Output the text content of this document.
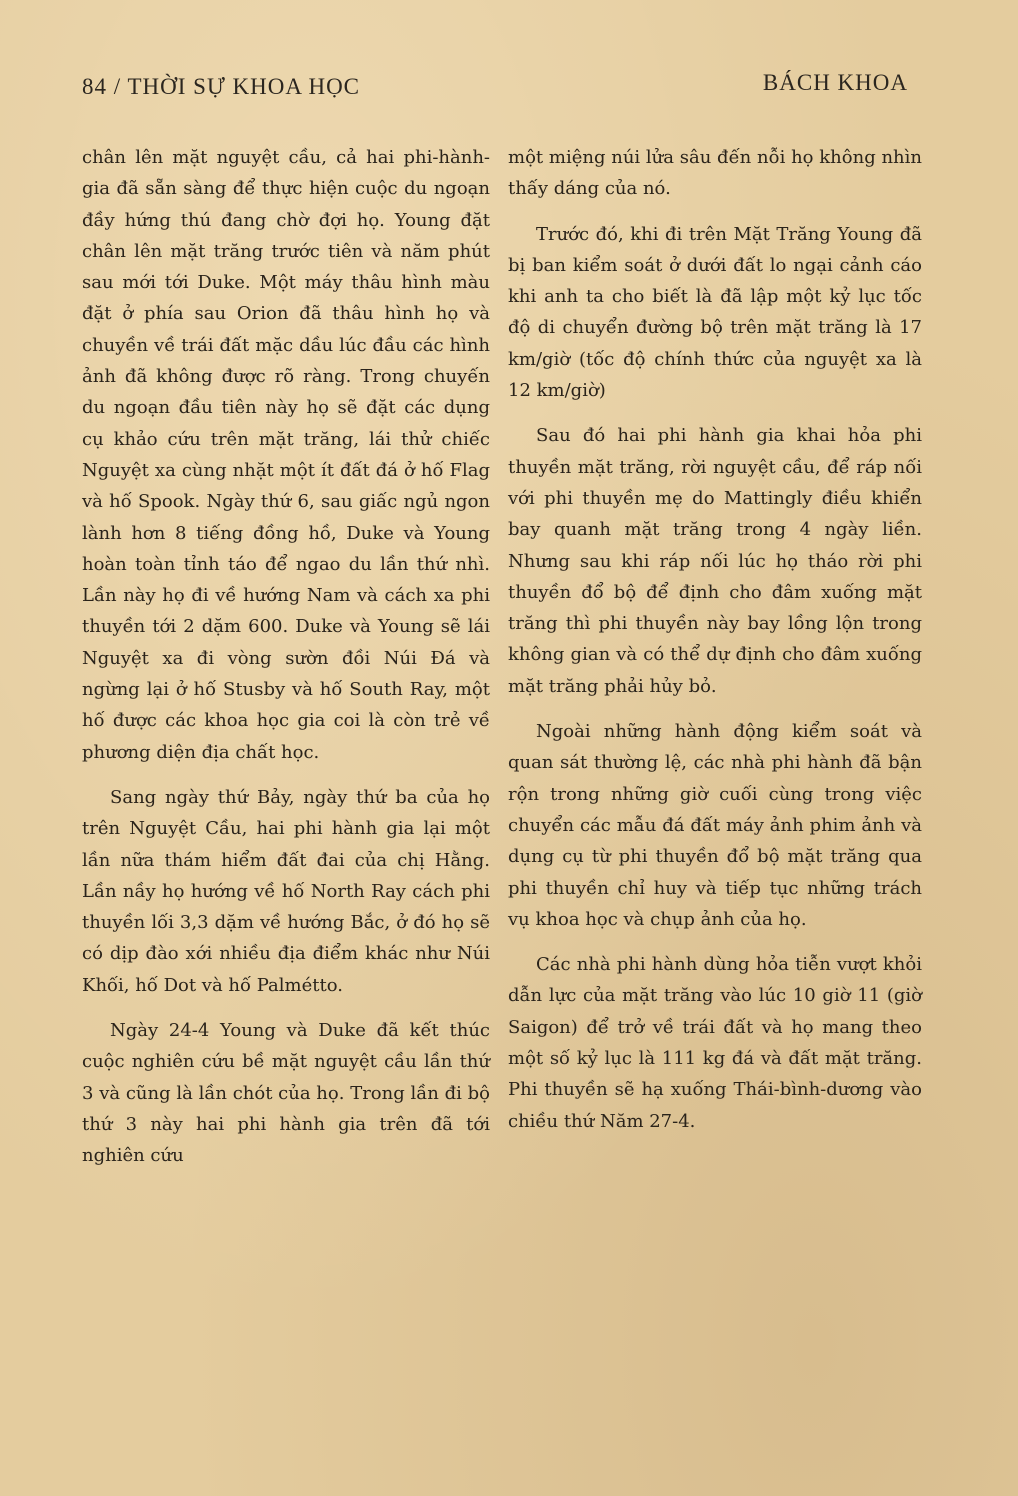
84 / THỜI SỰ KHOA HỌC	BÁCH KHOA

chân lên mặt nguyệt cầu, cả hai phi-hành-gia đã sẵn sàng để thực hiện cuộc du ngoạn đầy hứng thú đang chờ đợi họ. Young đặt chân lên mặt trăng trước tiên và năm phút sau mới tới Duke. Một máy thâu hình màu đặt ở phía sau Orion đã thâu hình họ và chuyền về trái đất mặc dầu lúc đầu các hình ảnh đã không được rõ ràng. Trong chuyến du ngoạn đầu tiên này họ sẽ đặt các dụng cụ khảo cứu trên mặt trăng, lái thử chiếc Nguyệt xa cùng nhặt một ít đất đá ở hố Flag và hố Spook. Ngày thứ 6, sau giấc ngủ ngon lành hơn 8 tiếng đồng hồ, Duke và Young hoàn toàn tỉnh táo để ngao du lần thứ nhì. Lần này họ đi về hướng Nam và cách xa phi thuyền tới 2 dặm 600. Duke và Young sẽ lái Nguyệt xa đi vòng sườn đồi Núi Đá và ngừng lại ở hố Stusby và hố South Ray, một hố được các khoa học gia coi là còn trẻ về phương diện địa chất học.

Sang ngày thứ Bảy, ngày thứ ba của họ trên Nguyệt Cầu, hai phi hành gia lại một lần nữa thám hiểm đất đai của chị Hằng. Lần nầy họ hướng về hố North Ray cách phi thuyền lối 3,3 dặm về hướng Bắc, ở đó họ sẽ có dịp đào xới nhiều địa điểm khác như Núi Khối, hố Dot và hố Palmétto.

Ngày 24-4 Young và Duke đã kết thúc cuộc nghiên cứu bề mặt nguyệt cầu lần thứ 3 và cũng là lần chót của họ. Trong lần đi bộ thứ 3 này hai phi hành gia trên đã tới nghiên cứu

một miệng núi lửa sâu đến nỗi họ không nhìn thấy dáng của nó.

Trước đó, khi đi trên Mặt Trăng Young đã bị ban kiểm soát ở dưới đất lo ngại cảnh cáo khi anh ta cho biết là đã lập một kỷ lục tốc độ di chuyển đường bộ trên mặt trăng là 17 km/giờ (tốc độ chính thức của nguyệt xa là 12 km/giờ)

Sau đó hai phi hành gia khai hỏa phi thuyền mặt trăng, rời nguyệt cầu, để ráp nối với phi thuyền mẹ do Mattingly điều khiển bay quanh mặt trăng trong 4 ngày liền. Nhưng sau khi ráp nối lúc họ tháo rời phi thuyền đổ bộ để định cho đâm xuống mặt trăng thì phi thuyền này bay lồng lộn trong không gian và có thể dự định cho đâm xuống mặt trăng phải hủy bỏ.

Ngoài những hành động kiểm soát và quan sát thường lệ, các nhà phi hành đã bận rộn trong những giờ cuối cùng trong việc chuyển các mẫu đá đất máy ảnh phim ảnh và dụng cụ từ phi thuyền đổ bộ mặt trăng qua phi thuyền chỉ huy và tiếp tục những trách vụ khoa học và chụp ảnh của họ.

Các nhà phi hành dùng hỏa tiễn vượt khỏi dẫn lực của mặt trăng vào lúc 10 giờ 11 (giờ Saigon) để trở về trái đất và họ mang theo một số kỷ lục là 111 kg đá và đất mặt trăng. Phi thuyền sẽ hạ xuống Thái-bình-dương vào chiều thứ Năm 27-4.
